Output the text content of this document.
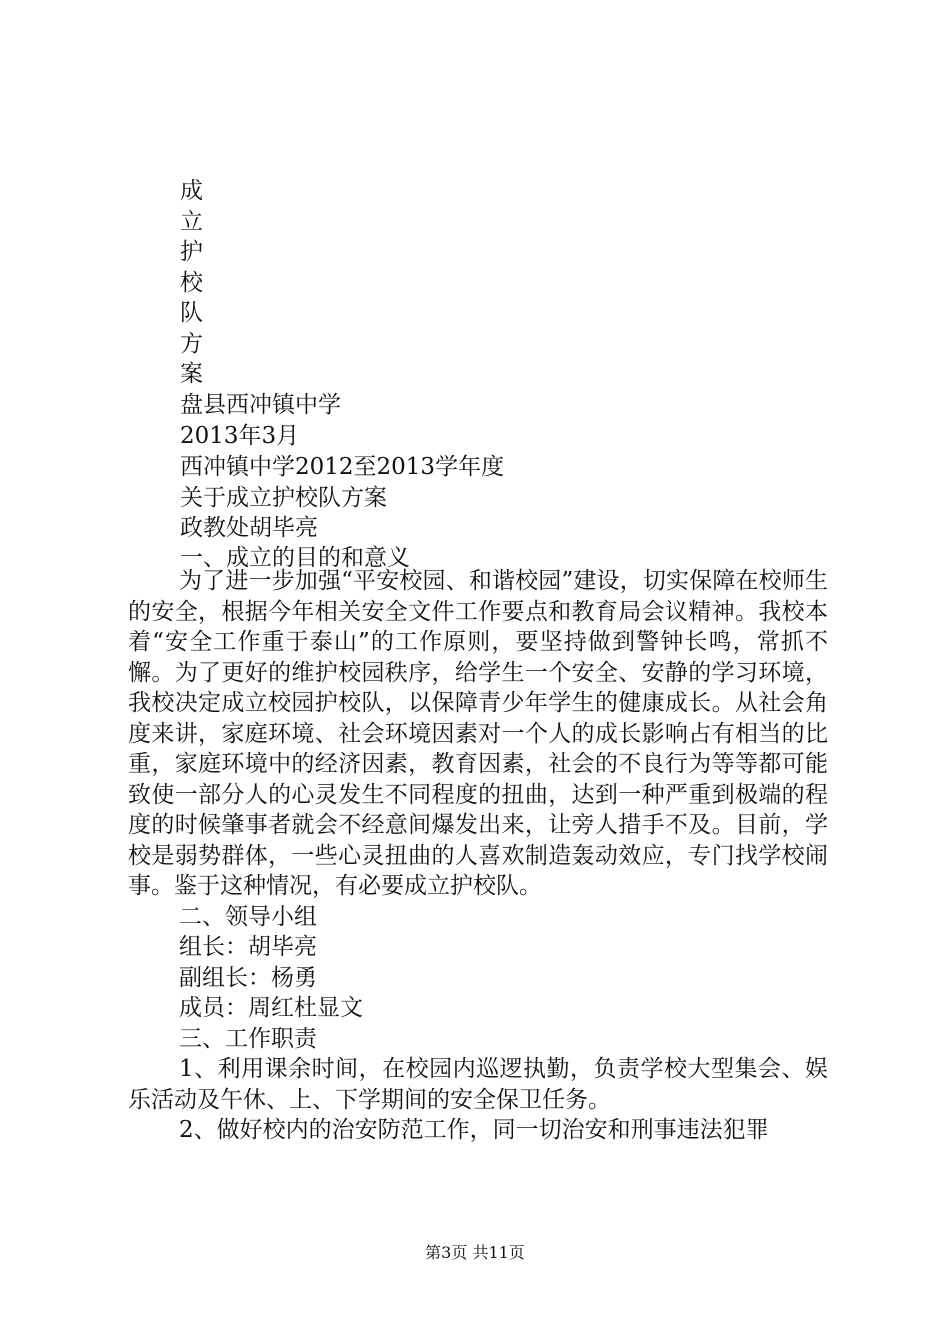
成
立
护
校
队
方
案
盘县西冲镇中学
2013年3月
西冲镇中学2012至2013学年度
关于成立护校队方案
政教处胡毕亮
一、成立的目的和意义

为了进一步加强“平安校园、和谐校园”建设，切实保障在校师生的安全，根据今年相关安全文件工作要点和教育局会议精神。我校本着“安全工作重于泰山”的工作原则，要坚持做到警钟长鸣，常抓不懈。为了更好的维护校园秩序，给学生一个安全、安静的学习环境，我校决定成立校园护校队，以保障青少年学生的健康成长。从社会角度来讲，家庭环境、社会环境因素对一个人的成长影响占有相当的比重，家庭环境中的经济因素，教育因素，社会的不良行为等等都可能致使一部分人的心灵发生不同程度的扭曲，达到一种严重到极端的程度的时候肇事者就会不经意间爆发出来，让旁人措手不及。目前，学校是弱势群体，一些心灵扭曲的人喜欢制造轰动效应，专门找学校闹事。鉴于这种情况，有必要成立护校队。

二、领导小组

组长：胡毕亮

副组长：杨勇

成员：周红杜显文

三、工作职责

1、利用课余时间，在校园内巡逻执勤，负责学校大型集会、娱乐活动及午休、上、下学期间的安全保卫任务。

2、做好校内的治安防范工作，同一切治安和刑事违法犯罪

第3页 共11页
